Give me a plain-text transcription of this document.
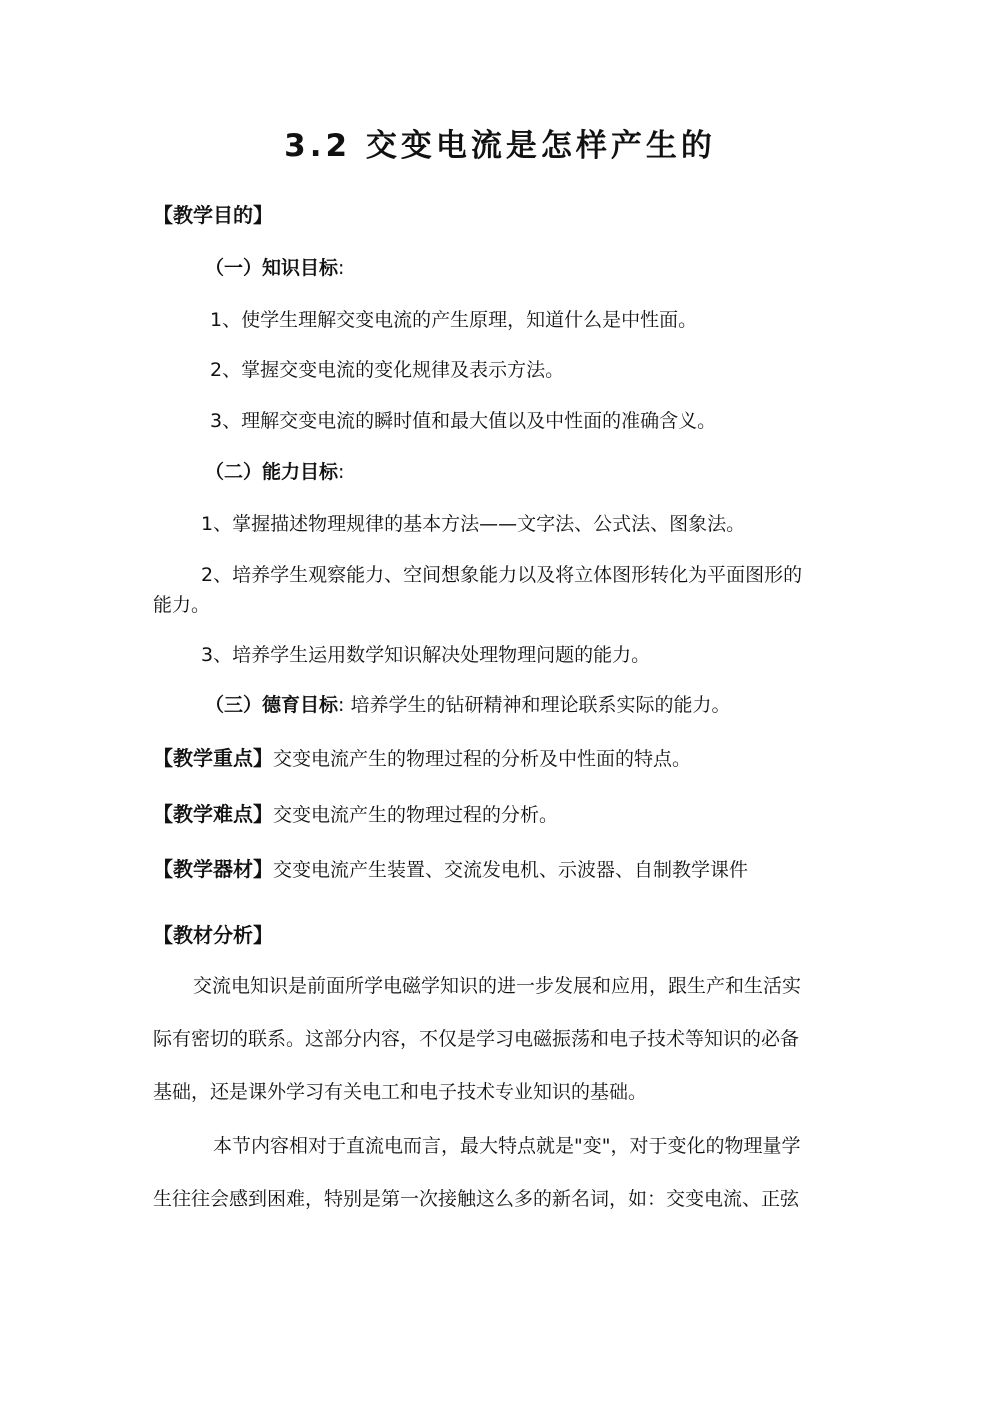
3.2 交变电流是怎样产生的
【教学目的】
（一）知识目标:
1、使学生理解交变电流的产生原理，知道什么是中性面。
2、掌握交变电流的变化规律及表示方法。
3、理解交变电流的瞬时值和最大值以及中性面的准确含义。
（二）能力目标:
1、掌握描述物理规律的基本方法——文字法、公式法、图象法。
2、培养学生观察能力、空间想象能力以及将立体图形转化为平面图形的
能力。
3、培养学生运用数学知识解决处理物理问题的能力。
（三）德育目标: 培养学生的钻研精神和理论联系实际的能力。
【教学重点】交变电流产生的物理过程的分析及中性面的特点。
【教学难点】交变电流产生的物理过程的分析。
【教学器材】交变电流产生装置、交流发电机、示波器、自制教学课件
【教材分析】
交流电知识是前面所学电磁学知识的进一步发展和应用，跟生产和生活实
际有密切的联系。这部分内容，不仅是学习电磁振荡和电子技术等知识的必备
基础，还是课外学习有关电工和电子技术专业知识的基础。
本节内容相对于直流电而言，最大特点就是"变"，对于变化的物理量学
生往往会感到困难，特别是第一次接触这么多的新名词，如：交变电流、正弦
